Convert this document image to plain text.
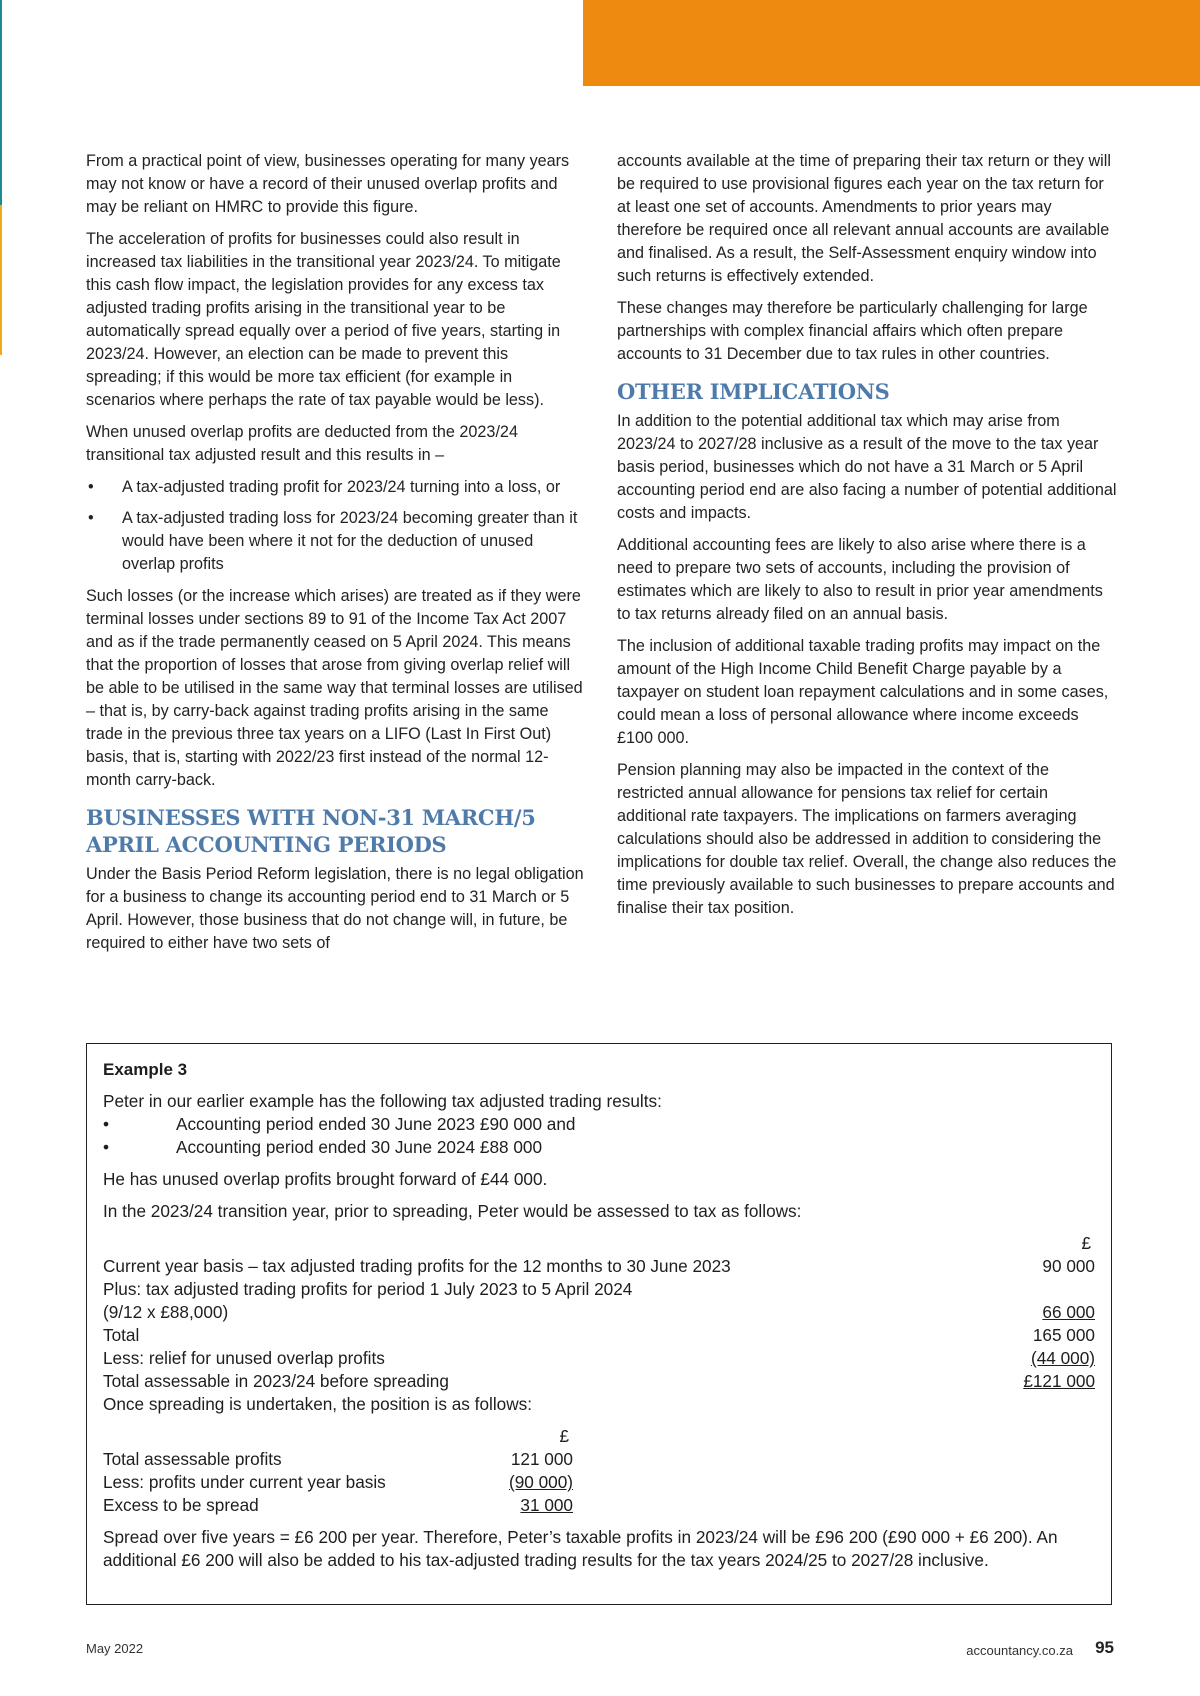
From a practical point of view, businesses operating for many years may not know or have a record of their unused overlap profits and may be reliant on HMRC to provide this figure.

The acceleration of profits for businesses could also result in increased tax liabilities in the transitional year 2023/24. To mitigate this cash flow impact, the legislation provides for any excess tax adjusted trading profits arising in the transitional year to be automatically spread equally over a period of five years, starting in 2023/24. However, an election can be made to prevent this spreading; if this would be more tax efficient (for example in scenarios where perhaps the rate of tax payable would be less).

When unused overlap profits are deducted from the 2023/24 transitional tax adjusted result and this results in –

• A tax-adjusted trading profit for 2023/24 turning into a loss, or
• A tax-adjusted trading loss for 2023/24 becoming greater than it would have been where it not for the deduction of unused overlap profits

Such losses (or the increase which arises) are treated as if they were terminal losses under sections 89 to 91 of the Income Tax Act 2007 and as if the trade permanently ceased on 5 April 2024. This means that the proportion of losses that arose from giving overlap relief will be able to be utilised in the same way that terminal losses are utilised – that is, by carry-back against trading profits arising in the same trade in the previous three tax years on a LIFO (Last In First Out) basis, that is, starting with 2022/23 first instead of the normal 12-month carry-back.

BUSINESSES WITH NON-31 MARCH/5 APRIL ACCOUNTING PERIODS

Under the Basis Period Reform legislation, there is no legal obligation for a business to change its accounting period end to 31 March or 5 April. However, those business that do not change will, in future, be required to either have two sets of

accounts available at the time of preparing their tax return or they will be required to use provisional figures each year on the tax return for at least one set of accounts. Amendments to prior years may therefore be required once all relevant annual accounts are available and finalised. As a result, the Self-Assessment enquiry window into such returns is effectively extended.

These changes may therefore be particularly challenging for large partnerships with complex financial affairs which often prepare accounts to 31 December due to tax rules in other countries.

OTHER IMPLICATIONS

In addition to the potential additional tax which may arise from 2023/24 to 2027/28 inclusive as a result of the move to the tax year basis period, businesses which do not have a 31 March or 5 April accounting period end are also facing a number of potential additional costs and impacts.

Additional accounting fees are likely to also arise where there is a need to prepare two sets of accounts, including the provision of estimates which are likely to also to result in prior year amendments to tax returns already filed on an annual basis.

The inclusion of additional taxable trading profits may impact on the amount of the High Income Child Benefit Charge payable by a taxpayer on student loan repayment calculations and in some cases, could mean a loss of personal allowance where income exceeds £100 000.

Pension planning may also be impacted in the context of the restricted annual allowance for pensions tax relief for certain additional rate taxpayers. The implications on farmers averaging calculations should also be addressed in addition to considering the implications for double tax relief. Overall, the change also reduces the time previously available to such businesses to prepare accounts and finalise their tax position.

Example 3
Peter in our earlier example has the following tax adjusted trading results:
•	Accounting period ended 30 June 2023 £90 000 and
•	Accounting period ended 30 June 2024 £88 000
He has unused overlap profits brought forward of £44 000.
In the 2023/24 transition year, prior to spreading, Peter would be assessed to tax as follows:
£
Current year basis – tax adjusted trading profits for the 12 months to 30 June 2023	90 000
Plus: tax adjusted trading profits for period 1 July 2023 to 5 April 2024
(9/12 x £88,000)	66 000
Total	165 000
Less: relief for unused overlap profits	(44 000)
Total assessable in 2023/24 before spreading	£121 000
Once spreading is undertaken, the position is as follows:
£
Total assessable profits	121 000
Less: profits under current year basis	(90 000)
Excess to be spread	31 000
Spread over five years = £6 200 per year. Therefore, Peter’s taxable profits in 2023/24 will be £96 200 (£90 000 + £6 200). An additional £6 200 will also be added to his tax-adjusted trading results for the tax years 2024/25 to 2027/28 inclusive.
May 2022	accountancy.co.za 95
